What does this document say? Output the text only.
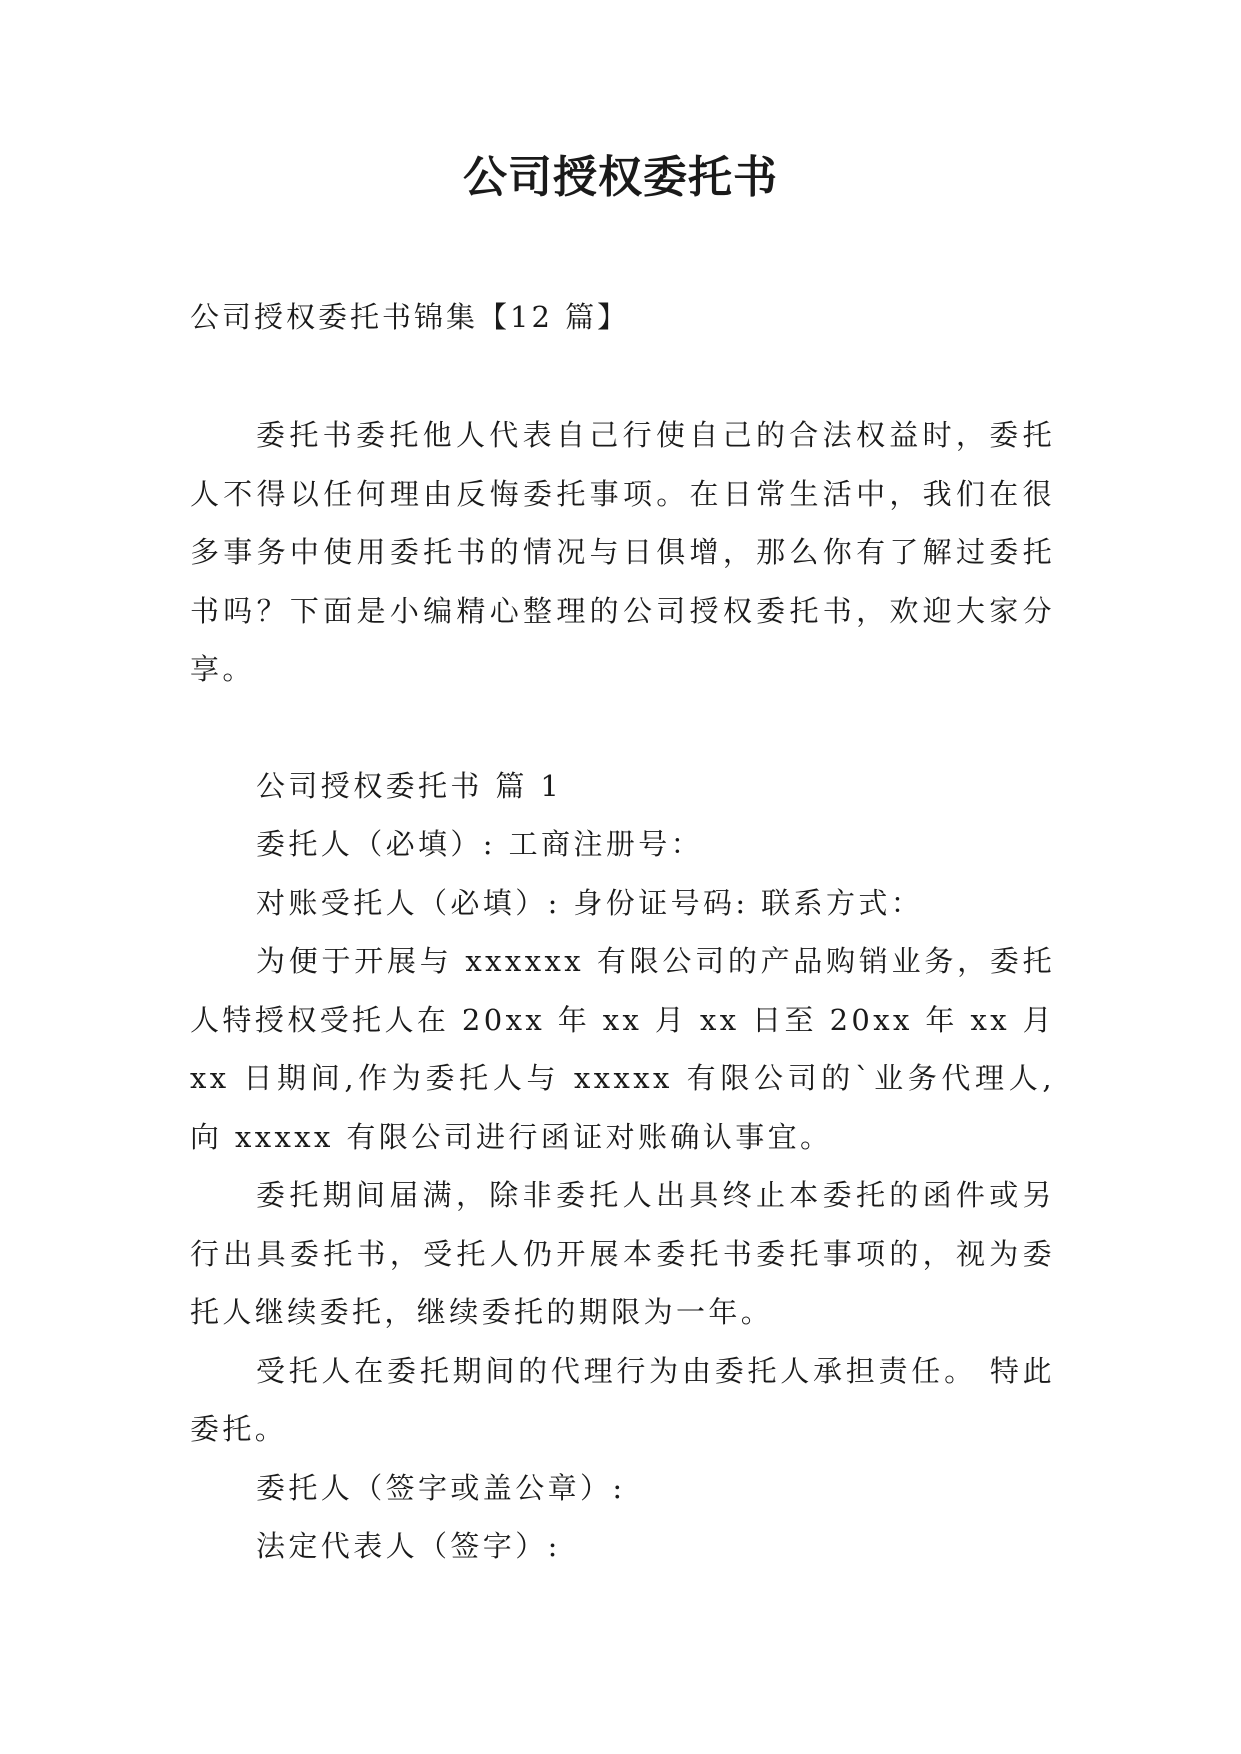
公司授权委托书
公司授权委托书锦集【12 篇】

委托书委托他人代表自己行使自己的合法权益时，委托人不得以任何理由反悔委托事项。在日常生活中，我们在很多事务中使用委托书的情况与日俱增，那么你有了解过委托书吗？下面是小编精心整理的公司授权委托书，欢迎大家分享。

公司授权委托书 篇 1

委托人（必填）: 工商注册号：

对账受托人（必填）: 身份证号码: 联系方式：

为便于开展与 xxxxxx 有限公司的产品购销业务，委托人特授权受托人在 20xx 年 xx 月 xx 日至 20xx 年 xx 月 xx 日期间,作为委托人与 xxxxx 有限公司的`业务代理人,向 xxxxx 有限公司进行函证对账确认事宜。

委托期间届满，除非委托人出具终止本委托的函件或另行出具委托书，受托人仍开展本委托书委托事项的，视为委托人继续委托，继续委托的期限为一年。

受托人在委托期间的代理行为由委托人承担责任。 特此委托。

委托人（签字或盖公章）:

法定代表人（签字）:
